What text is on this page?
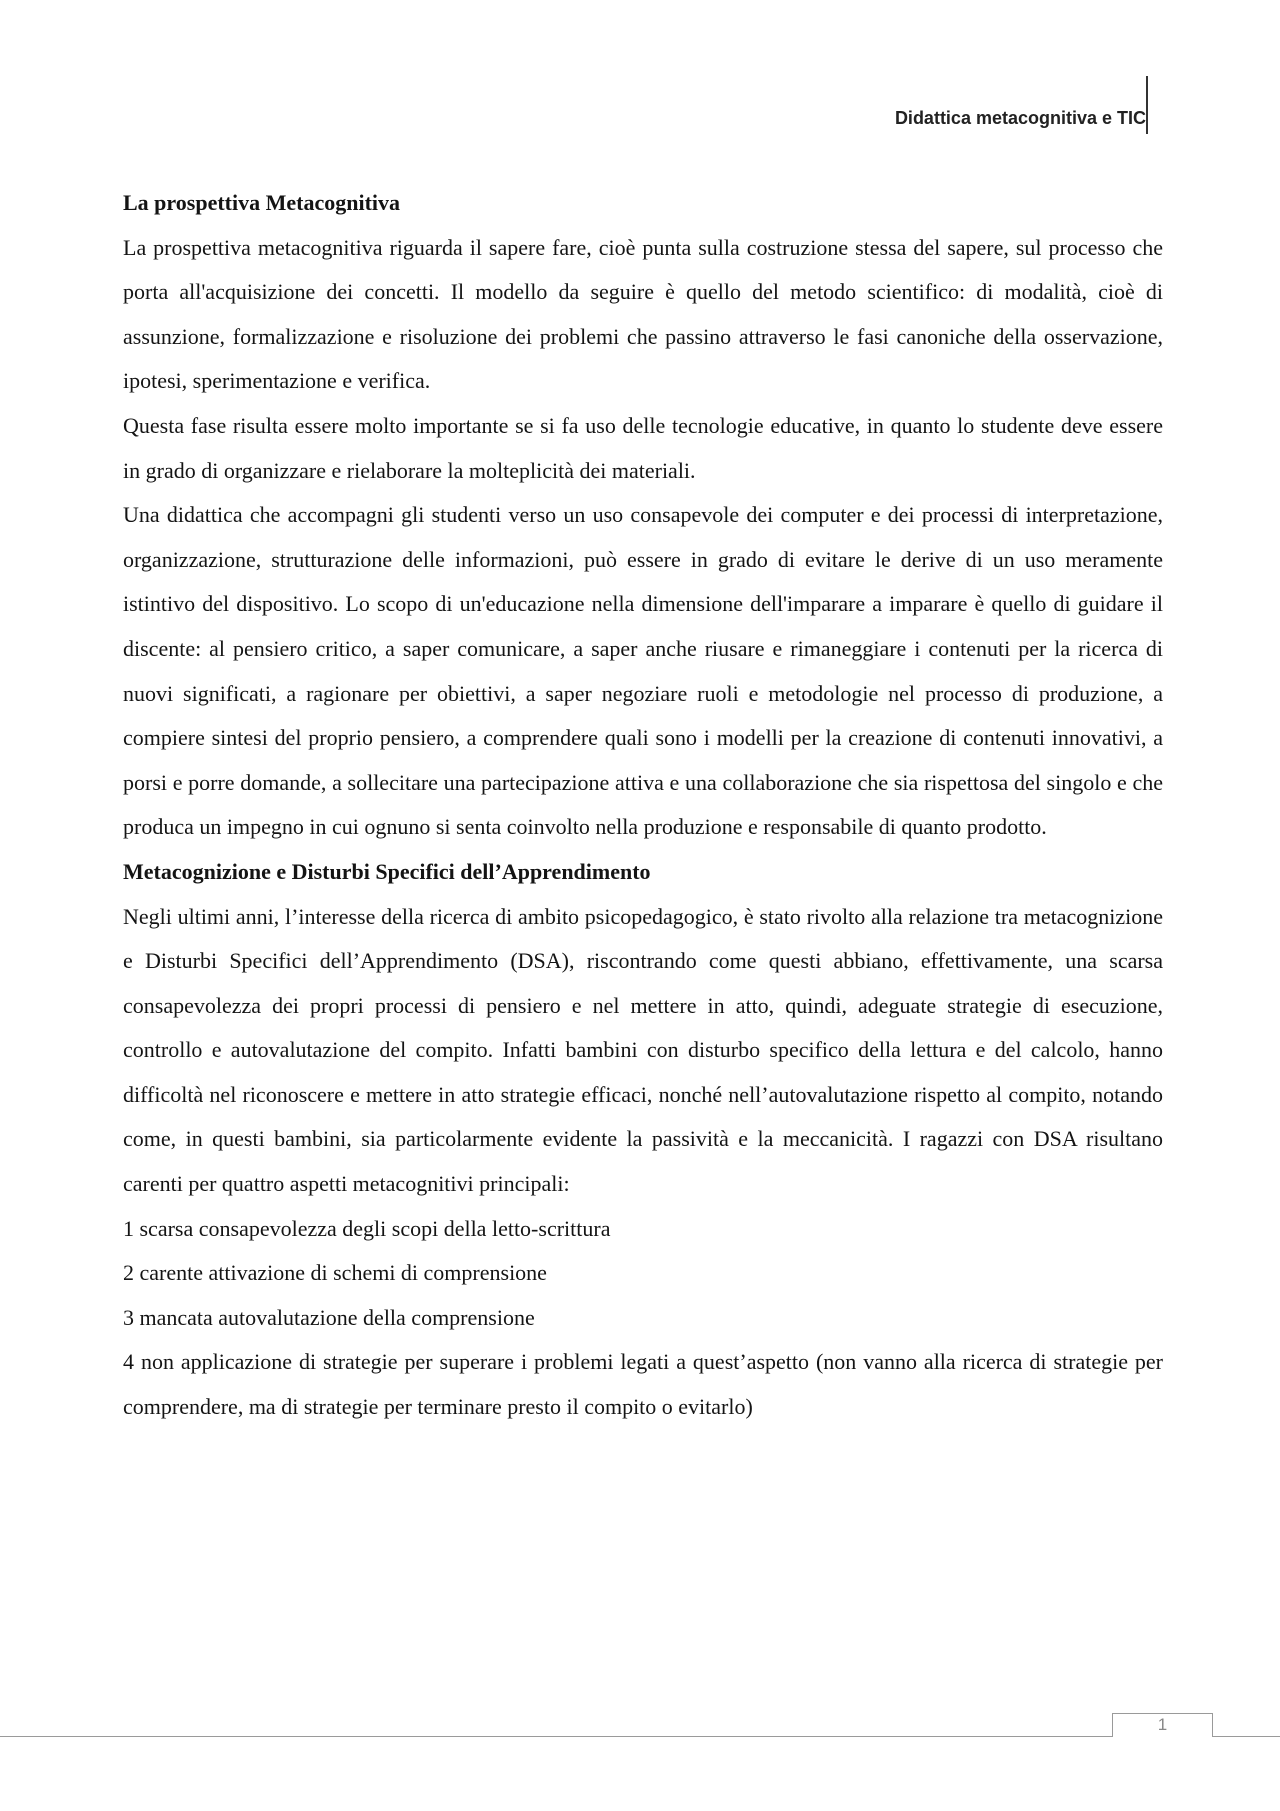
Didattica metacognitiva e TIC
La prospettiva Metacognitiva

La prospettiva metacognitiva riguarda il sapere fare, cioè punta sulla costruzione stessa del sapere, sul processo che porta all'acquisizione dei concetti. Il modello da seguire è quello del metodo scientifico: di modalità, cioè di assunzione, formalizzazione e risoluzione dei problemi che passino attraverso le fasi canoniche della osservazione, ipotesi, sperimentazione e verifica.

Questa fase risulta essere molto importante se si fa uso delle tecnologie educative, in quanto lo studente deve essere in grado di organizzare e rielaborare la molteplicità dei materiali.

Una didattica che accompagni gli studenti verso un uso consapevole dei computer e dei processi di interpretazione, organizzazione, strutturazione delle informazioni, può essere in grado di evitare le derive di un uso meramente istintivo del dispositivo. Lo scopo di un'educazione nella dimensione dell'imparare a imparare è quello di guidare il discente: al pensiero critico, a saper comunicare, a saper anche riusare e rimaneggiare i contenuti per la ricerca di nuovi significati, a ragionare per obiettivi, a saper negoziare ruoli e metodologie nel processo di produzione, a compiere sintesi del proprio pensiero, a comprendere quali sono i modelli per la creazione di contenuti innovativi, a porsi e porre domande, a sollecitare una partecipazione attiva e una collaborazione che sia rispettosa del singolo e che produca un impegno in cui ognuno si senta coinvolto nella produzione e responsabile di quanto prodotto.

Metacognizione e Disturbi Specifici dell’Apprendimento

Negli ultimi anni, l’interesse della ricerca di ambito psicopedagogico, è stato rivolto alla relazione tra metacognizione e Disturbi Specifici dell’Apprendimento (DSA), riscontrando come questi abbiano, effettivamente, una scarsa consapevolezza dei propri processi di pensiero e nel mettere in atto, quindi, adeguate strategie di esecuzione, controllo e autovalutazione del compito. Infatti bambini con disturbo specifico della lettura e del calcolo, hanno difficoltà nel riconoscere e mettere in atto strategie efficaci, nonché nell’autovalutazione rispetto al compito, notando come, in questi bambini, sia particolarmente evidente la passività e la meccanicità. I ragazzi con DSA risultano carenti per quattro aspetti metacognitivi principali:

1 scarsa consapevolezza degli scopi della letto-scrittura

2 carente attivazione di schemi di comprensione

3 mancata autovalutazione della comprensione

4 non applicazione di strategie per superare i problemi legati a quest’aspetto (non vanno alla ricerca di strategie per comprendere, ma di strategie per terminare presto il compito o evitarlo)

1
